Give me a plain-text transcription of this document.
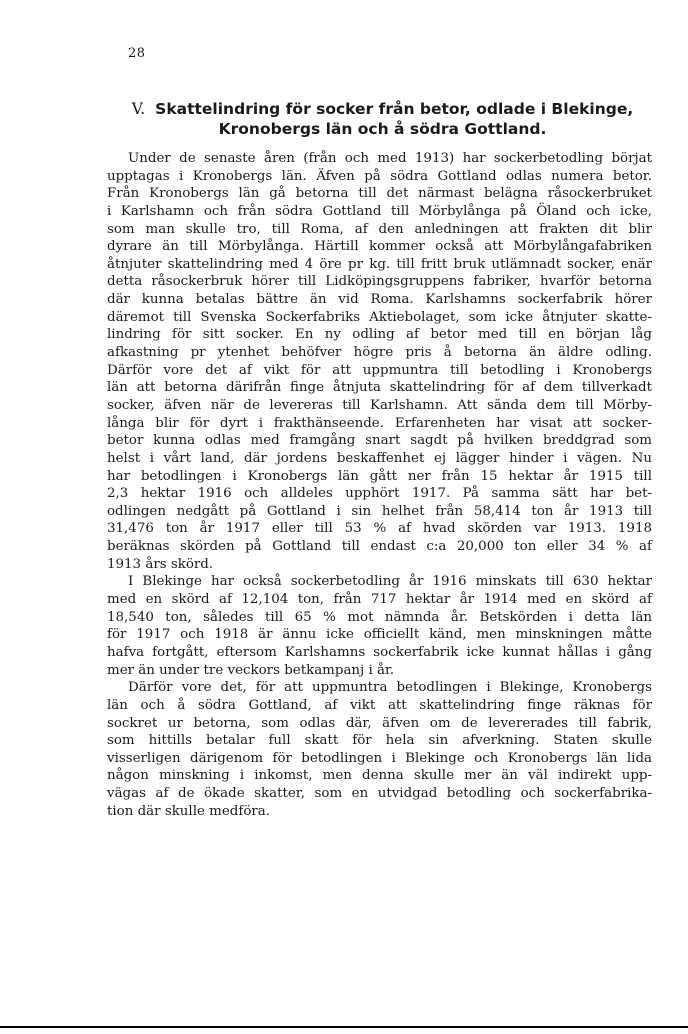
28
V. Skattelindring för socker från betor, odlade i Blekinge,
Kronobergs län och å södra Gottland.
Under de senaste åren (från och med 1913) har sockerbetodling börjat
upptagas i Kronobergs län. Äfven på södra Gottland odlas numera betor.
Från Kronobergs län gå betorna till det närmast belägna råsockerbruket
i Karlshamn och från södra Gottland till Mörbylånga på Öland och icke,
som man skulle tro, till Roma, af den anledningen att frakten dit blir
dyrare än till Mörbylånga. Härtill kommer också att Mörbylångafabriken
åtnjuter skattelindring med 4 öre pr kg. till fritt bruk utlämnadt socker, enär
detta råsockerbruk hörer till Lidköpingsgruppens fabriker, hvarför betorna
där kunna betalas bättre än vid Roma. Karlshamns sockerfabrik hörer
däremot till Svenska Sockerfabriks Aktiebolaget, som icke åtnjuter skatte-
lindring för sitt socker. En ny odling af betor med till en början låg
afkastning pr ytenhet behöfver högre pris å betorna än äldre odling.
Därför vore det af vikt för att uppmuntra till betodling i Kronobergs
län att betorna därifrån finge åtnjuta skattelindring för af dem tillverkadt
socker, äfven när de levereras till Karlshamn. Att sända dem till Mörby-
långa blir för dyrt i frakthänseende. Erfarenheten har visat att socker-
betor kunna odlas med framgång snart sagdt på hvilken breddgrad som
helst i vårt land, där jordens beskaffenhet ej lägger hinder i vägen. Nu
har betodlingen i Kronobergs län gått ner från 15 hektar år 1915 till
2,3 hektar 1916 och alldeles upphört 1917. På samma sätt har bet-
odlingen nedgått på Gottland i sin helhet från 58,414 ton år 1913 till
31,476 ton år 1917 eller till 53 % af hvad skörden var 1913. 1918
beräknas skörden på Gottland till endast c:a 20,000 ton eller 34 % af
1913 års skörd.
I Blekinge har också sockerbetodling år 1916 minskats till 630 hektar
med en skörd af 12,104 ton, från 717 hektar år 1914 med en skörd af
18,540 ton, således till 65 % mot nämnda år. Betskörden i detta län
för 1917 och 1918 är ännu icke officiellt känd, men minskningen måtte
hafva fortgått, eftersom Karlshamns sockerfabrik icke kunnat hållas i gång
mer än under tre veckors betkampanj i år.
Därför vore det, för att uppmuntra betodlingen i Blekinge, Kronobergs
län och å södra Gottland, af vikt att skattelindring finge räknas för
sockret ur betorna, som odlas där, äfven om de levererades till fabrik,
som hittills betalar full skatt för hela sin afverkning. Staten skulle
visserligen därigenom för betodlingen i Blekinge och Kronobergs län lida
någon minskning i inkomst, men denna skulle mer än väl indirekt upp-
vägas af de ökade skatter, som en utvidgad betodling och sockerfabrika-
tion där skulle medföra.
